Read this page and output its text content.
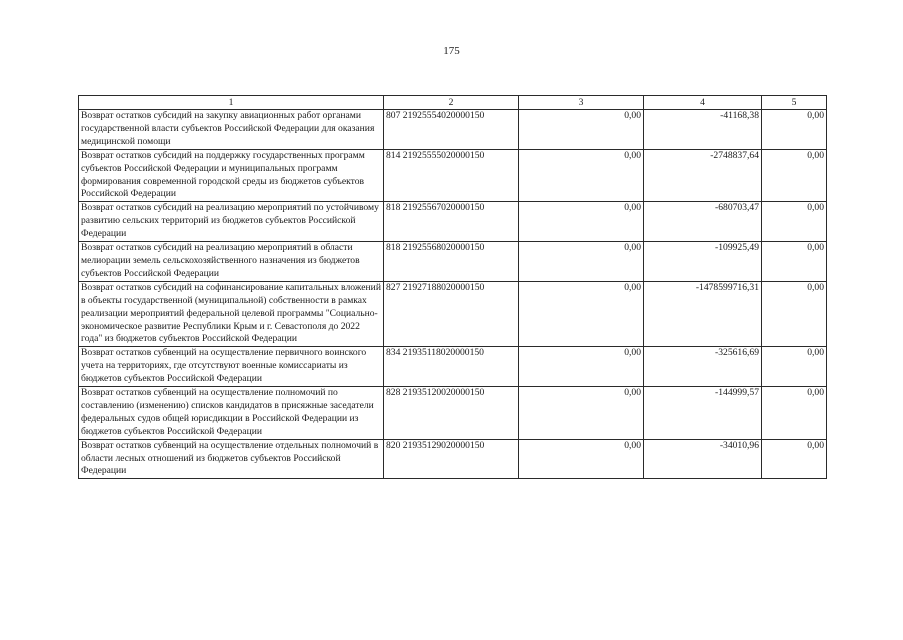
175
1	2	3	4	5
Возврат остатков субсидий на закупку авиационных работ органами государственной власти субъектов Российской Федерации для оказания медицинской помощи	807 21925554020000150	0,00	-41168,38	0,00
Возврат остатков субсидий на поддержку государственных программ субъектов Российской Федерации и муниципальных программ формирования современной городской среды из бюджетов субъектов Российской Федерации	814 21925555020000150	0,00	-2748837,64	0,00
Возврат остатков субсидий на реализацию мероприятий по устойчивому развитию сельских территорий из бюджетов субъектов Российской Федерации	818 21925567020000150	0,00	-680703,47	0,00
Возврат остатков субсидий на реализацию мероприятий в области мелиорации земель сельскохозяйственного назначения из бюджетов субъектов Российской Федерации	818 21925568020000150	0,00	-109925,49	0,00
Возврат остатков субсидий на софинансирование капитальных вложений в объекты государственной (муниципальной) собственности в рамках реализации мероприятий федеральной целевой программы "Социально-экономическое развитие Республики Крым и г. Севастополя до 2022 года" из бюджетов субъектов Российской Федерации	827 21927188020000150	0,00	-1478599716,31	0,00
Возврат остатков субвенций на осуществление первичного воинского учета на территориях, где отсутствуют военные комиссариаты из бюджетов субъектов Российской Федерации	834 21935118020000150	0,00	-325616,69	0,00
Возврат остатков субвенций на осуществление полномочий по составлению (изменению) списков кандидатов в присяжные заседатели федеральных судов общей юрисдикции в Российской Федерации из бюджетов субъектов Российской Федерации	828 21935120020000150	0,00	-144999,57	0,00
Возврат остатков субвенций на осуществление отдельных полномочий в области лесных отношений из бюджетов субъектов Российской Федерации	820 21935129020000150	0,00	-34010,96	0,00
